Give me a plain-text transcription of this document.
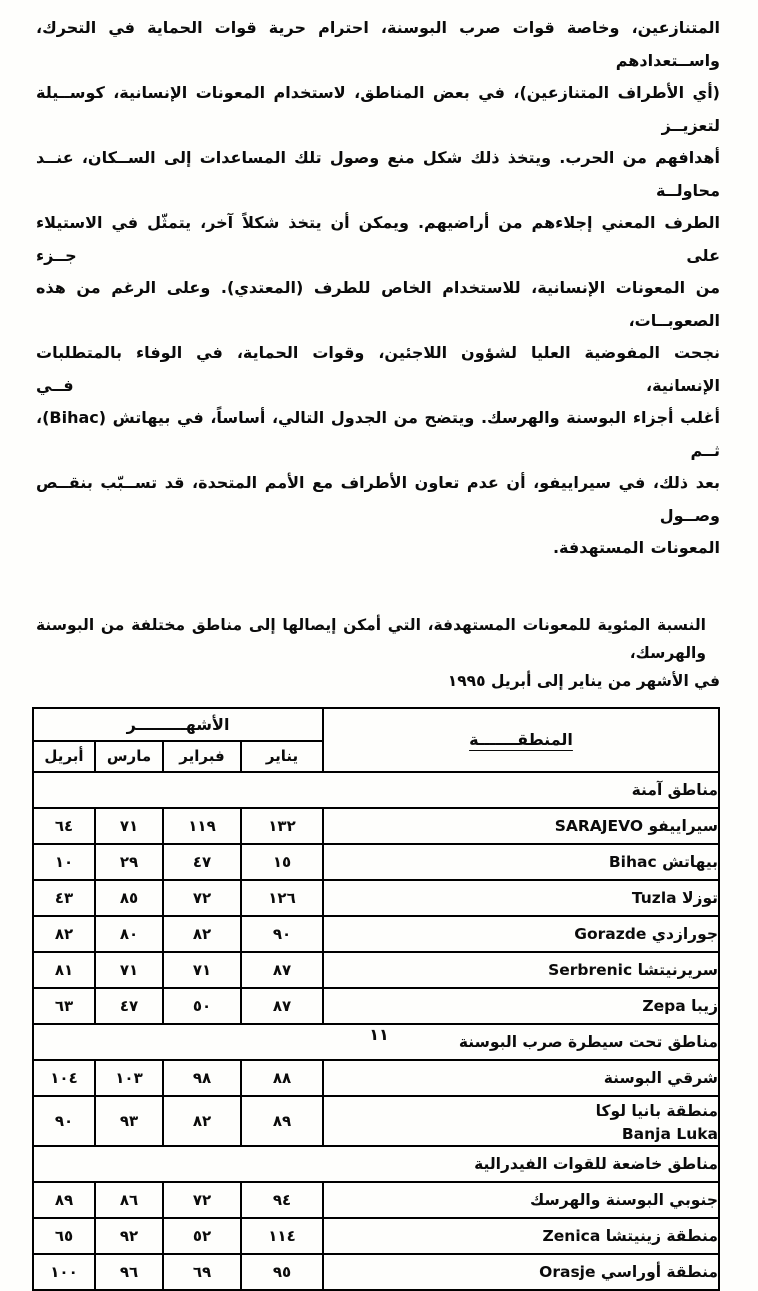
المتنازعين، وخاصة قوات صرب البوسنة، احترام حرية قوات الحماية في التحرك، واســتعدادهم
(أي الأطراف المتنازعين)، في بعض المناطق، لاستخدام المعونات الإنسانية، كوســيلة لتعزيــز
أهدافهم من الحرب. ويتخذ ذلك شكل منع وصول تلك المساعدات إلى الســكان، عنــد محاولــة
الطرف المعني إجلاءهم من أراضيهم. ويمكن أن يتخذ شكلاً آخر، يتمثّل في الاستيلاء على جــزء
من المعونات الإنسانية، للاستخدام الخاص للطرف (المعتدي). وعلى الرغم من هذه الصعوبــات،
نجحت المفوضية العليا لشؤون اللاجئين، وقوات الحماية، في الوفاء بالمتطلبات الإنسانية، فــي
أغلب أجزاء البوسنة والهرسك. ويتضح من الجدول التالي، أساساً، في بيهاتش (Bihac)، ثــم
بعد ذلك، في سيراييفو، أن عدم تعاون الأطراف مع الأمم المتحدة، قد تســبّب بنقــص وصــول
المعونات المستهدفة.
النسبة المئوية للمعونات المستهدفة، التي أمكن إيصالها إلى مناطق مختلفة من البوسنة والهرسك،
في الأشهر من يناير إلى أبريل ١٩٩٥
المنطقـــــــة	الأشهـــــــــر			
	يناير	فبراير	مارس	أبريل
مناطق آمنة				
سيراييفو SARAJEVO	١٣٢	١١٩	٧١	٦٤
بيهاتش Bihac	١٥	٤٧	٢٩	١٠
توزلا Tuzla	١٢٦	٧٢	٨٥	٤٣
جورازدي Gorazde	٩٠	٨٢	٨٠	٨٢
سريرنيتشا Serbrenic	٨٧	٧١	٧١	٨١
زيبا Zepa	٨٧	٥٠	٤٧	٦٣
مناطق تحت سيطرة صرب البوسنة				
شرقي البوسنة	٨٨	٩٨	١٠٣	١٠٤

منطقة بانيا لوكا
Banja Luka	٨٩	٨٢	٩٣	٩٠
مناطق خاضعة للقوات الفيدرالية				
جنوبي البوسنة والهرسك	٩٤	٧٢	٨٦	٨٩
منطقة زينيتشا Zenica	١١٤	٥٢	٩٢	٦٥
منطقة أوراسي Orasje	٩٥	٦٩	٩٦	١٠٠
١١
